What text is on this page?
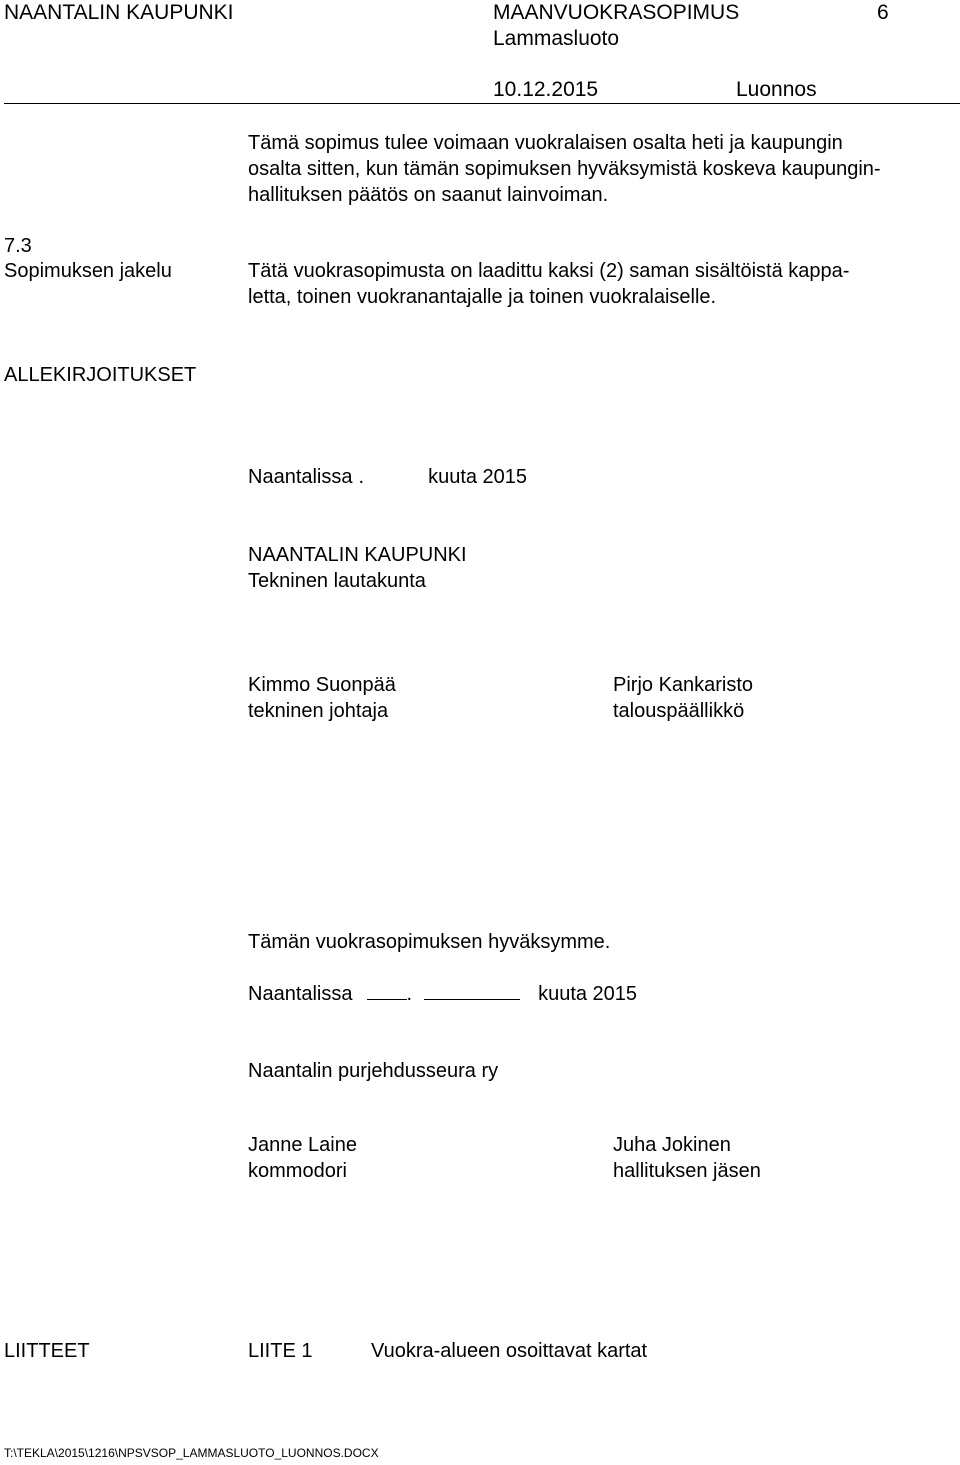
NAANTALIN KAUPUNKI	MAANVUOKRASOPIMUS	6
Lammasluoto
10.12.2015	Luonnos
Tämä sopimus tulee voimaan vuokralaisen osalta heti ja kaupungin
osalta sitten, kun tämän sopimuksen hyväksymistä koskeva kaupungin-
hallituksen päätös on saanut lainvoiman.
7.3
Sopimuksen jakelu	Tätä vuokrasopimusta on laadittu kaksi (2) saman sisältöistä kappa-
letta, toinen vuokranantajalle ja toinen vuokralaiselle.
ALLEKIRJOITUKSET
Naantalissa .	kuuta 2015
NAANTALIN KAUPUNKI
Tekninen lautakunta
Kimmo Suonpää
tekninen johtaja
Pirjo Kankaristo
talouspäällikkö
Tämän vuokrasopimuksen hyväksymme.
Naantalissa	.	kuuta 2015
Naantalin purjehdusseura ry
Janne Laine
kommodori
Juha Jokinen
hallituksen jäsen
LIITTEET	LIITE 1	Vuokra-alueen osoittavat kartat
T:\TEKLA\2015\1216\NPSVSOP_LAMMASLUOTO_LUONNOS.DOCX
